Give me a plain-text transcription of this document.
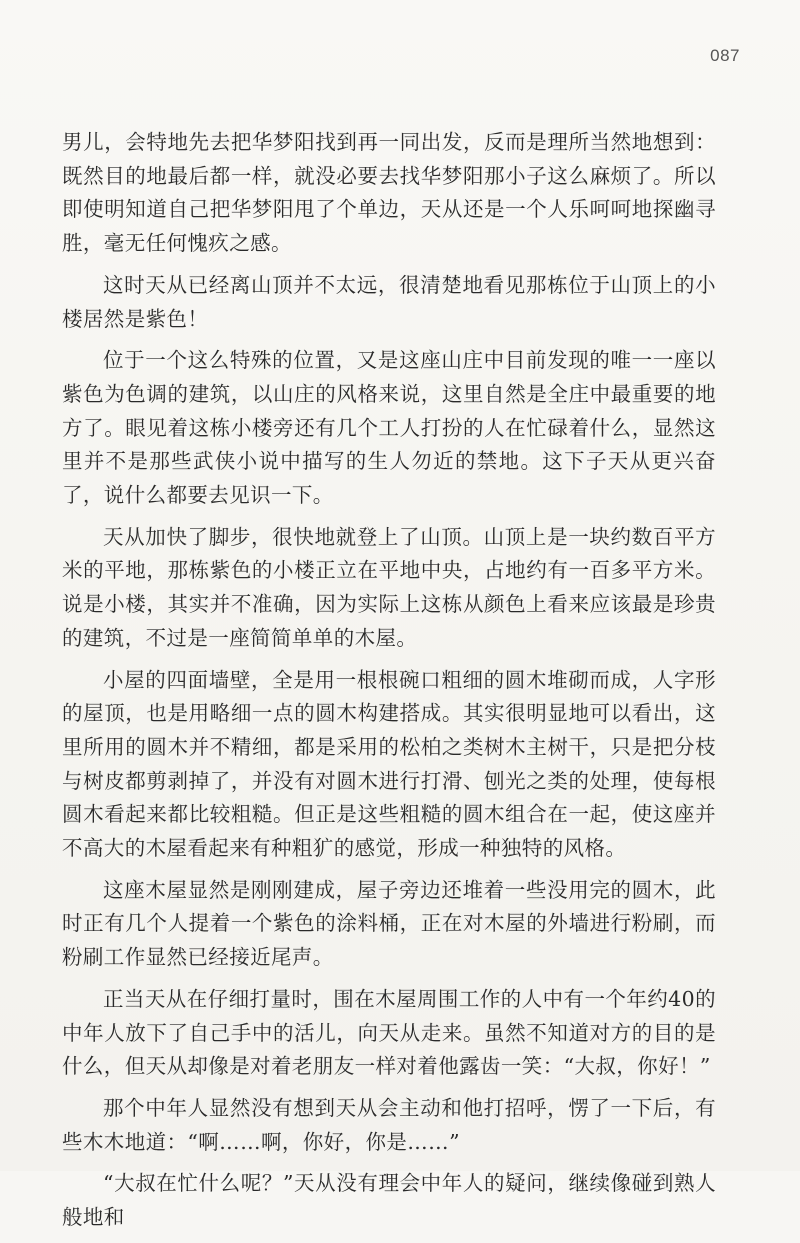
087

男儿，会特地先去把华梦阳找到再一同出发，反而是理所当然地想到：既然目的地最后都一样，就没必要去找华梦阳那小子这么麻烦了。所以即使明知道自己把华梦阳甩了个单边，天从还是一个人乐呵呵地探幽寻胜，毫无任何愧疚之感。

这时天从已经离山顶并不太远，很清楚地看见那栋位于山顶上的小楼居然是紫色！

位于一个这么特殊的位置，又是这座山庄中目前发现的唯一一座以紫色为色调的建筑，以山庄的风格来说，这里自然是全庄中最重要的地方了。眼见着这栋小楼旁还有几个工人打扮的人在忙碌着什么，显然这里并不是那些武侠小说中描写的生人勿近的禁地。这下子天从更兴奋了，说什么都要去见识一下。

天从加快了脚步，很快地就登上了山顶。山顶上是一块约数百平方米的平地，那栋紫色的小楼正立在平地中央，占地约有一百多平方米。说是小楼，其实并不准确，因为实际上这栋从颜色上看来应该最是珍贵的建筑，不过是一座简简单单的木屋。

小屋的四面墙壁，全是用一根根碗口粗细的圆木堆砌而成，人字形的屋顶，也是用略细一点的圆木构建搭成。其实很明显地可以看出，这里所用的圆木并不精细，都是采用的松柏之类树木主树干，只是把分枝与树皮都剪剥掉了，并没有对圆木进行打滑、刨光之类的处理，使每根圆木看起来都比较粗糙。但正是这些粗糙的圆木组合在一起，使这座并不高大的木屋看起来有种粗犷的感觉，形成一种独特的风格。

这座木屋显然是刚刚建成，屋子旁边还堆着一些没用完的圆木，此时正有几个人提着一个紫色的涂料桶，正在对木屋的外墙进行粉刷，而粉刷工作显然已经接近尾声。

正当天从在仔细打量时，围在木屋周围工作的人中有一个年约40的中年人放下了自己手中的活儿，向天从走来。虽然不知道对方的目的是什么，但天从却像是对着老朋友一样对着他露齿一笑：“大叔，你好！”

那个中年人显然没有想到天从会主动和他打招呼，愣了一下后，有些木木地道：“啊……啊，你好，你是……”

“大叔在忙什么呢？”天从没有理会中年人的疑问，继续像碰到熟人般地和
